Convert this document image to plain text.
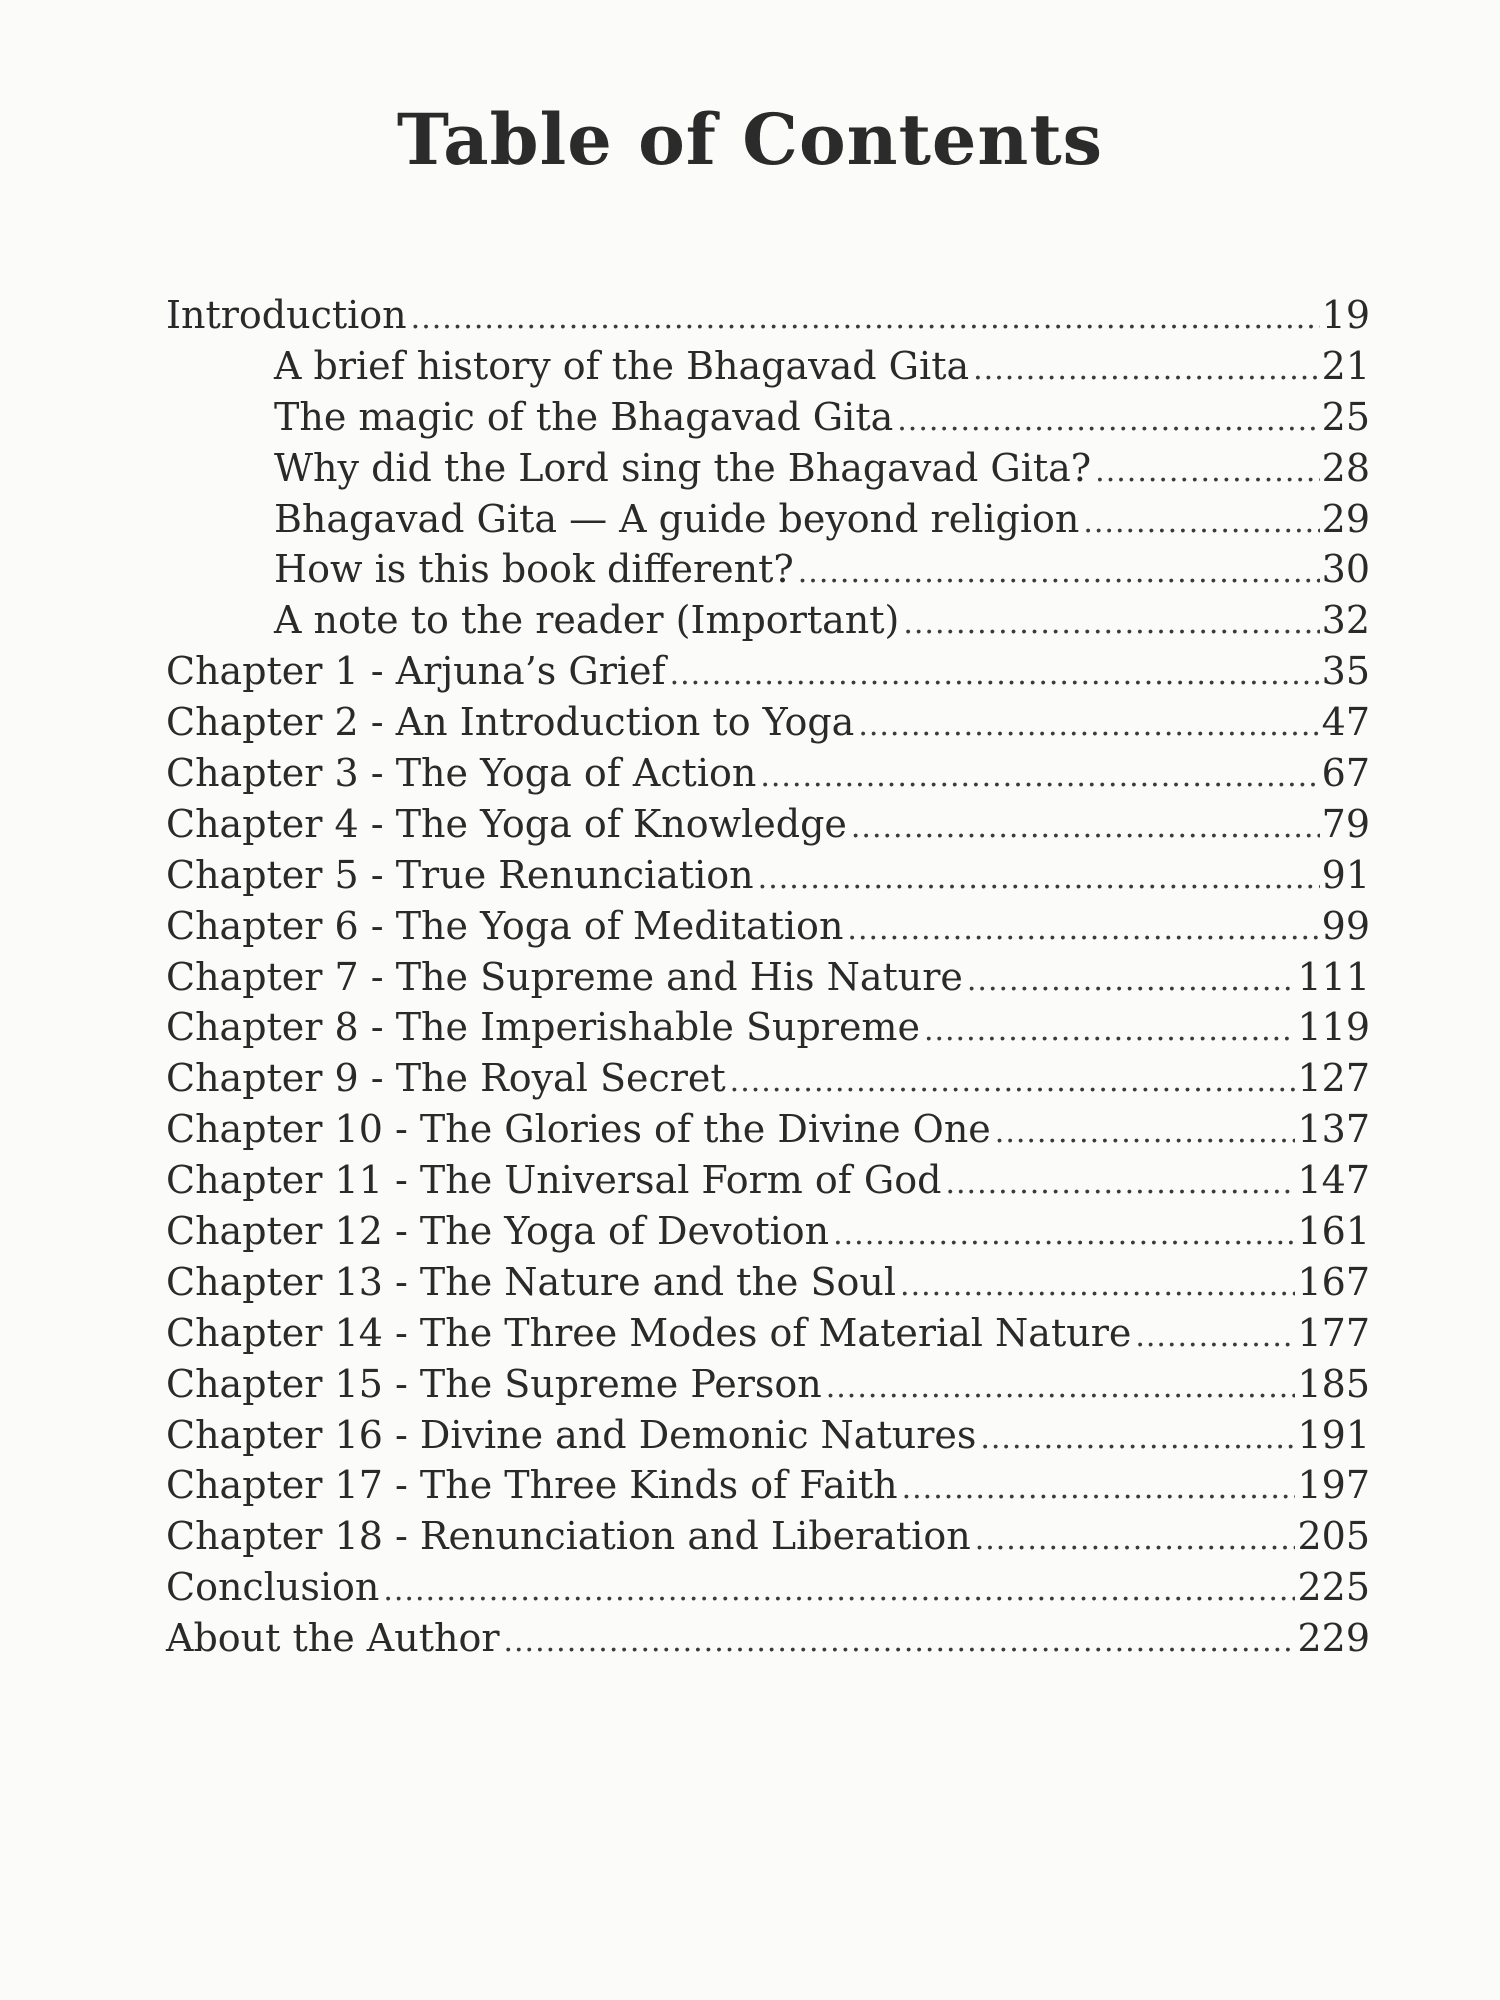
Table of Contents
Introduction .....	19
A brief history of the Bhagavad Gita .....	21
The magic of the Bhagavad Gita .....	25
Why did the Lord sing the Bhagavad Gita? .....	28
Bhagavad Gita — A guide beyond religion .....	29
How is this book different? .....	30
A note to the reader (Important) .....	32
Chapter 1 - Arjuna’s Grief .....	35
Chapter 2 - An Introduction to Yoga .....	47
Chapter 3 - The Yoga of Action .....	67
Chapter 4 - The Yoga of Knowledge .....	79
Chapter 5 - True Renunciation .....	91
Chapter 6 - The Yoga of Meditation .....	99
Chapter 7 - The Supreme and His Nature .....	111
Chapter 8 - The Imperishable Supreme .....	119
Chapter 9 - The Royal Secret .....	127
Chapter 10 - The Glories of the Divine One .....	137
Chapter 11 - The Universal Form of God .....	147
Chapter 12 - The Yoga of Devotion .....	161
Chapter 13 - The Nature and the Soul .....	167
Chapter 14 - The Three Modes of Material Nature .....	177
Chapter 15 - The Supreme Person .....	185
Chapter 16 - Divine and Demonic Natures .....	191
Chapter 17 - The Three Kinds of Faith .....	197
Chapter 18 - Renunciation and Liberation .....	205
Conclusion .....	225
About the Author .....	229
